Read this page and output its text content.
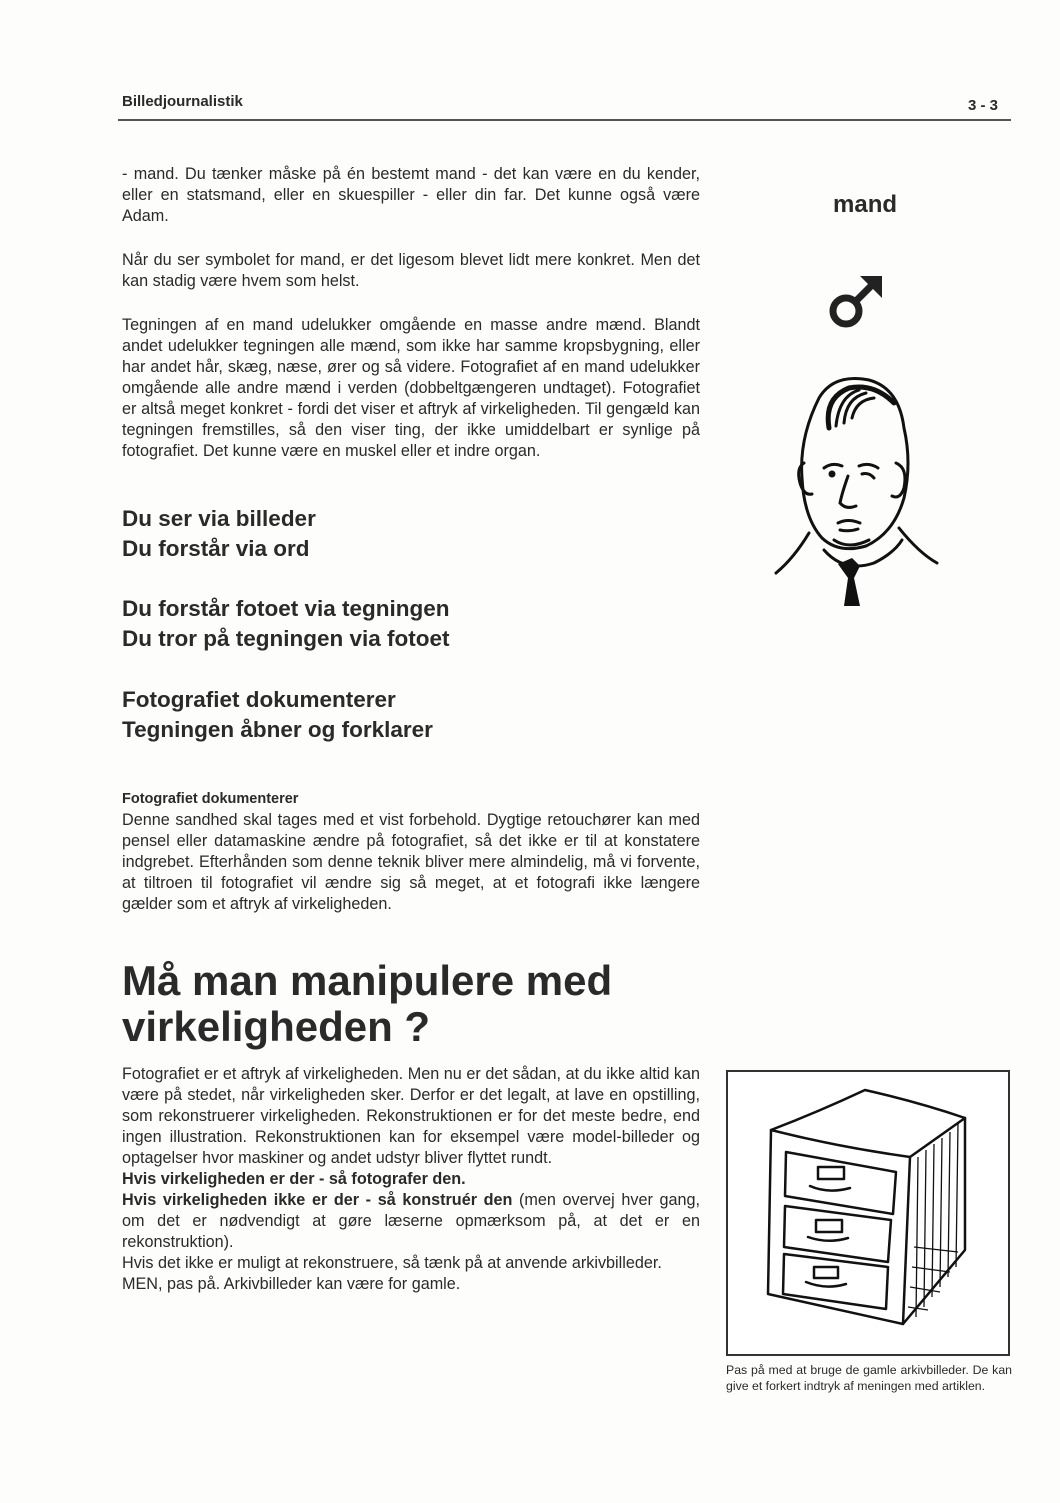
Billedjournalistik	3 - 3

- mand. Du tænker måske på én bestemt mand - det kan være en du kender, eller en statsmand, eller en skuespiller - eller din far. Det kunne også være Adam.

Når du ser symbolet for mand, er det ligesom blevet lidt mere konkret. Men det kan stadig være hvem som helst.

Tegningen af en mand udelukker omgående en masse andre mænd. Blandt andet udelukker tegningen alle mænd, som ikke har samme kropsbygning, eller har andet hår, skæg, næse, ører og så videre. Fotografiet af en mand udelukker omgående alle andre mænd i verden (dobbeltgængeren undtaget). Fotografiet er altså meget konkret - fordi det viser et aftryk af virkeligheden. Til gengæld kan tegningen fremstilles, så den viser ting, der ikke umiddelbart er synlige på fotografiet. Det kunne være en muskel eller et indre organ.

mand
Du ser via billeder
Du forstår via ord
Du forstår fotoet via tegningen
Du tror på tegningen via fotoet
Fotografiet dokumenterer
Tegningen åbner og forklarer
Fotografiet dokumenterer

Denne sandhed skal tages med et vist forbehold. Dygtige retouchører kan med pensel eller datamaskine ændre på fotografiet, så det ikke er til at konstatere indgrebet. Efterhånden som denne teknik bliver mere almindelig, må vi forvente, at tiltroen til fotografiet vil ændre sig så meget, at et fotografi ikke længere gælder som et aftryk af virkeligheden.

Må man manipulere med virkeligheden ?

Fotografiet er et aftryk af virkeligheden. Men nu er det sådan, at du ikke altid kan være på stedet, når virkeligheden sker. Derfor er det legalt, at lave en opstilling, som rekonstruerer virkeligheden. Rekonstruktionen er for det meste bedre, end ingen illustration. Rekonstruktionen kan for eksempel være model-billeder og optagelser hvor maskiner og andet udstyr bliver flyttet rundt.

Hvis virkeligheden er der - så fotografer den.

Hvis virkeligheden ikke er der - så konstruér den (men overvej hver gang, om det er nødvendigt at gøre læserne opmærksom på, at det er en rekonstruktion).

Hvis det ikke er muligt at rekonstruere, så tænk på at anvende arkivbilleder.

MEN, pas på. Arkivbilleder kan være for gamle.

Pas på med at bruge de gamle arkivbilleder. De kan give et forkert indtryk af meningen med artiklen.
